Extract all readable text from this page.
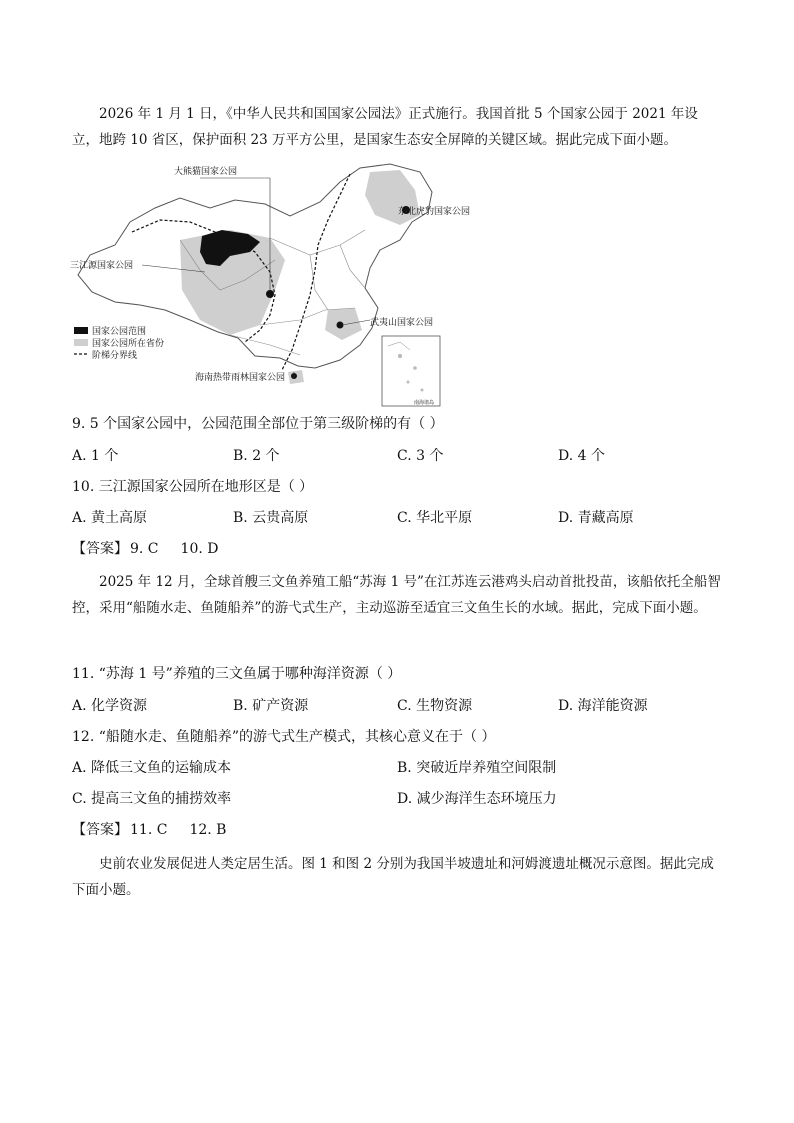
2026 年 1 月 1 日，《中华人民共和国国家公园法》正式施行。我国首批 5 个国家公园于 2021 年设立，地跨 10 省区，保护面积 23 万平方公里，是国家生态安全屏障的关键区域。据此完成下面小题。

大熊猫国家公园
东北虎豹国家公园
三江源国家公园
武夷山国家公园
海南热带雨林国家公园
南海诸岛
国家公园范围
国家公园所在省份
阶梯分界线
9. 5 个国家公园中，公园范围全部位于第三级阶梯的有（ ）
A. 1 个	B. 2 个	C. 3 个	D. 4 个
10. 三江源国家公园所在地形区是（ ）
A. 黄土高原	B. 云贵高原	C. 华北平原	D. 青藏高原
【答案】 9. C 10. D

2025 年 12 月，全球首艘三文鱼养殖工船“苏海 1 号”在江苏连云港鸡头启动首批投苗，该船依托全船智控，采用“船随水走、鱼随船养”的游弋式生产，主动巡游至适宜三文鱼生长的水域。据此，完成下面小题。

11. “苏海 1 号”养殖的三文鱼属于哪种海洋资源（ ）
A. 化学资源	B. 矿产资源	C. 生物资源	D. 海洋能资源
12. “船随水走、鱼随船养”的游弋式生产模式，其核心意义在于（ ）
A. 降低三文鱼的运输成本	B. 突破近岸养殖空间限制
C. 提高三文鱼的捕捞效率	D. 减少海洋生态环境压力
【答案】 11. C 12. B

史前农业发展促进人类定居生活。图 1 和图 2 分别为我国半坡遗址和河姆渡遗址概况示意图。据此完成下面小题。
